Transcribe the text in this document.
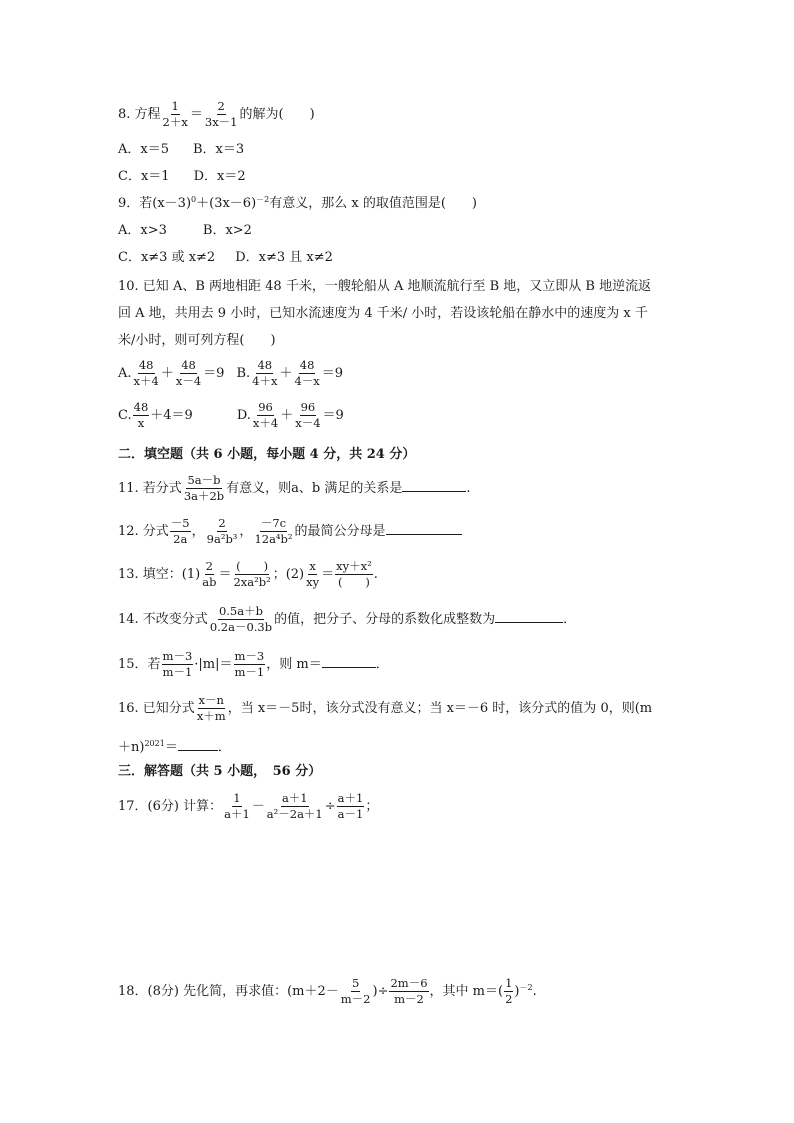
8. 方程 $\frac{1}{2+x} = \frac{2}{3x-1}$ 的解为(　　)
A．x＝5 B．x＝3
C．x＝1 D．x＝2
9．若$(x-3)^0+(3x-6)^{-2}$有意义，那么 x 的取值范围是(　　)
A．x>3	B．x>2
C．x≠3 或 x≠2 D．x≠3 且 x≠2
10. 已知 A、B 两地相距 48 千米，一艘轮船从 A 地顺流航行至 B 地，又立即从 B 地逆流返
回 A 地，共用去 9 小时，已知水流速度为 4 千米/ 小时，若设该轮船在静水中的速度为 x 千
米/小时，则可列方程(　　)
A. $\frac{48}{x+4} + \frac{48}{x-4} =9$ B. $\frac{48}{4+x} + \frac{48}{4-x} =9$
C. $\frac{48}{x} +4=9$	D. $\frac{96}{x+4} + \frac{96}{x-4} =9$
二．填空题（共 6 小题，每小题 4 分，共 24 分）
11. 若分式 $\frac{5a-b}{3a+2b}$ 有意义，则a、b 满足的关系是	.
12. 分式 $\frac{-5}{2a}$ ， $\frac{2}{\text{9a²b³}}$ ， $\frac{-7c}{\text{12a⁴b²}}$ 的最简公分母是
13. 填空：$(1) \frac{2}{ab}$ ＝
(　　)
2xa²b² ；$(2) \frac{x}{xy}$ ＝
xy＋x²
(　　) .
14. 不改变分式 $\frac{0.5a+b}{0.2a-0.3b}$ 的值，把分子、分母的系数化成整数为	．
15．若 $\frac{m-3}{m-1} \cdot|m|= \frac{m-3}{m-1}$ ，则 m＝	．
16. 已知分式 $\frac{x-n}{x+m}$ ，当 x＝－5时，该分式没有意义；当 x＝－6 时，该分式的值为 0，则(m
＋n)$^{2021}$＝	．
三．解答题（共 5 小题，　56 分）
17．(6分) 计算： $\frac{1}{a+1} - \frac{a+1}{\text{a²－2a＋1}} \div \frac{a+1}{a-1}$ ；
18．(8分) 先化简，再求值：($m+2- \frac{5}{m-2}$ )÷ $\frac{2m-6}{m-2}$ ，其中 $m=( \frac{1}{2} )^{-2}$.
